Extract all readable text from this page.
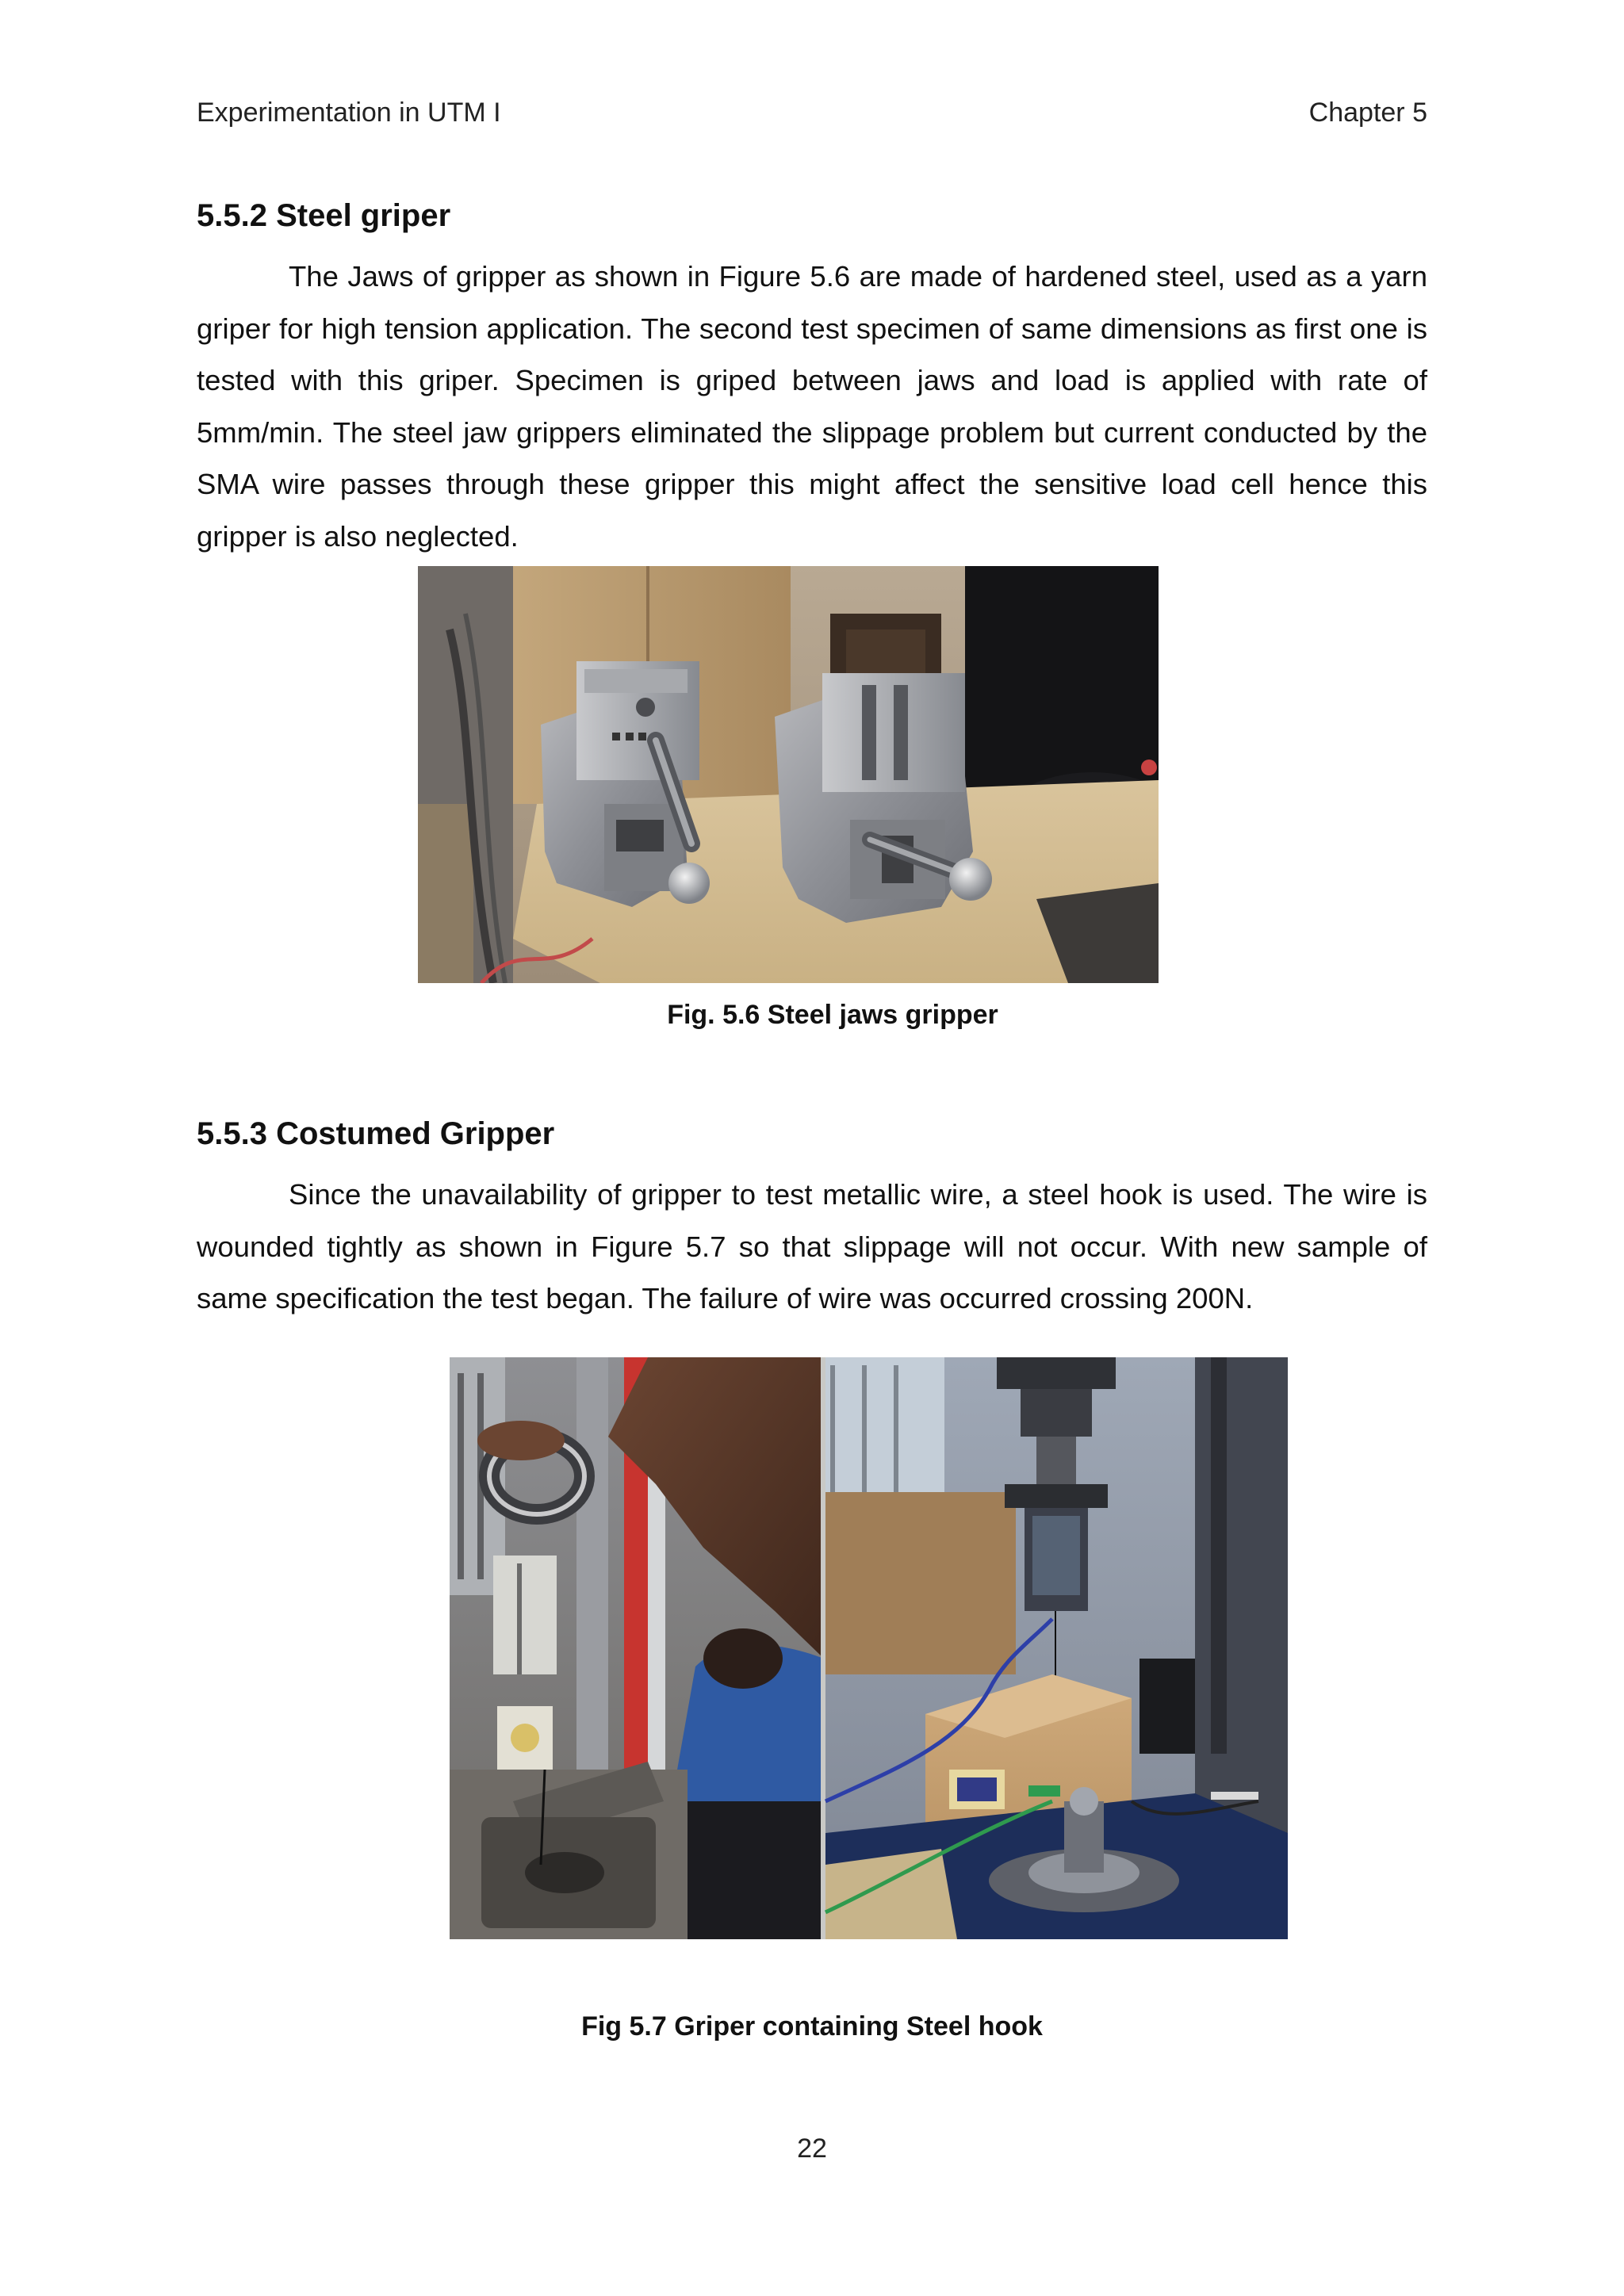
Experimentation in UTM I	Chapter 5
5.5.2 Steel griper

The Jaws of gripper as shown in Figure 5.6 are made of hardened steel, used as a yarn griper for high tension application. The second test specimen of same dimensions as first one is tested with this griper. Specimen is griped between jaws and load is applied with rate of 5mm/min. The steel jaw grippers eliminated the slippage problem but current conducted by the SMA wire passes through these gripper this might affect the sensitive load cell hence this gripper is also neglected.

Fig. 5.6 Steel jaws gripper
5.5.3 Costumed Gripper

Since the unavailability of gripper to test metallic wire, a steel hook is used. The wire is wounded tightly as shown in Figure 5.7 so that slippage will not occur. With new sample of same specification the test began. The failure of wire was occurred crossing 200N.

Fig 5.7 Griper containing Steel hook
22
